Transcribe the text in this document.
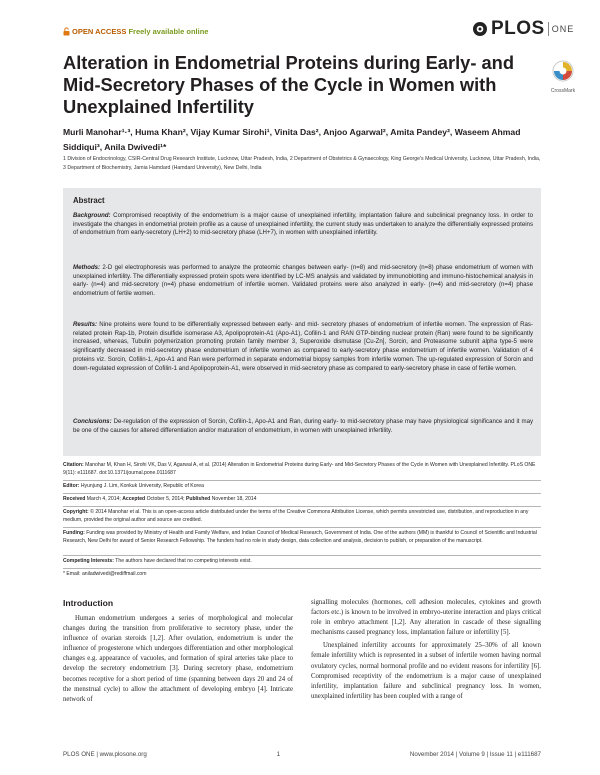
OPEN ACCESS Freely available online	PLOS ONE
Alteration in Endometrial Proteins during Early- and Mid-Secretory Phases of the Cycle in Women with Unexplained Infertility
CrossMark
Murli Manohar¹·³, Huma Khan², Vijay Kumar Sirohi¹, Vinita Das², Anjoo Agarwal², Amita Pandey², Waseem Ahmad Siddiqui³, Anila Dwivedi¹*
1 Division of Endocrinology, CSIR-Central Drug Research Institute, Lucknow, Uttar Pradesh, India, 2 Department of Obstetrics & Gynaecology, King George's Medical University, Lucknow, Uttar Pradesh, India, 3 Department of Biochemistry, Jamia Hamdard (Hamdard University), New Delhi, India
Abstract
Background: Compromised receptivity of the endometrium is a major cause of unexplained infertility, implantation failure and subclinical pregnancy loss. In order to investigate the changes in endometrial protein profile as a cause of unexplained infertility, the current study was undertaken to analyze the differentially expressed proteins of endometrium from early-secretory (LH+2) to mid-secretory phase (LH+7), in women with unexplained infertility.
Methods: 2-D gel electrophoresis was performed to analyze the proteomic changes between early- (n=8) and mid-secretory (n=8) phase endometrium of women with unexplained infertility. The differentially expressed protein spots were identified by LC-MS analysis and validated by immunoblotting and immuno-histochemical analysis in early- (n=4) and mid-secretory (n=4) phase endometrium of infertile women. Validated proteins were also analyzed in early- (n=4) and mid-secretory (n=4) phase endometrium of fertile women.
Results: Nine proteins were found to be differentially expressed between early- and mid- secretory phases of endometrium of infertile women. The expression of Ras-related protein Rap-1b, Protein disulfide isomerase A3, Apolipoprotein-A1 (Apo-A1), Cofilin-1 and RAN GTP-binding nuclear protein (Ran) were found to be significantly increased, whereas, Tubulin polymerization promoting protein family member 3, Superoxide dismutase [Cu-Zn], Sorcin, and Proteasome subunit alpha type-5 were significantly decreased in mid-secretory phase endometrium of infertile women as compared to early-secretory phase endometrium of infertile women. Validation of 4 proteins viz. Sorcin, Cofilin-1, Apo-A1 and Ran were performed in separate endometrial biopsy samples from infertile women. The up-regulated expression of Sorcin and down-regulated expression of Cofilin-1 and Apolipoprotein-A1, were observed in mid-secretory phase as compared to early-secretory phase in case of fertile women.
Conclusions: De-regulation of the expression of Sorcin, Cofilin-1, Apo-A1 and Ran, during early- to mid-secretory phase may have physiological significance and it may be one of the causes for altered differentiation and/or maturation of endometrium, in women with unexplained infertility.
Citation: Manohar M, Khan H, Sirohi VK, Das V, Agarwal A, et al. (2014) Alteration in Endometrial Proteins during Early- and Mid-Secretory Phases of the Cycle in Women with Unexplained Infertility. PLoS ONE 9(11): e111687. doi:10.1371/journal.pone.0111687
Editor: Hyunjung J. Lim, Konkuk University, Republic of Korea
Received March 4, 2014; Accepted October 5, 2014; Published November 18, 2014
Copyright: © 2014 Manohar et al. This is an open-access article distributed under the terms of the Creative Commons Attribution License, which permits unrestricted use, distribution, and reproduction in any medium, provided the original author and source are credited.
Funding: Funding was provided by Ministry of Health and Family Welfare, and Indian Council of Medical Research, Government of India. One of the authors (MM) is thankful to Council of Scientific and Industrial Research, New Delhi for award of Senior Research Fellowship. The funders had no role in study design, data collection and analysis, decision to publish, or preparation of the manuscript.
Competing Interests: The authors have declared that no competing interests exist.
* Email: aniladwivedi@rediffmail.com
Introduction

Human endometrium undergoes a series of morphological and molecular changes during the transition from proliferative to secretory phase, under the influence of ovarian steroids [1,2]. After ovulation, endometrium is under the influence of progesterone which undergoes differentiation and other morphological changes e.g. appearance of vacuoles, and formation of spiral arteries take place to develop the secretory endometrium [3]. During secretory phase, endometrium becomes receptive for a short period of time (spanning between days 20 and 24 of the menstrual cycle) to allow the attachment of developing embryo [4]. Intricate network of

signalling molecules (hormones, cell adhesion molecules, cytokines and growth factors etc.) is known to be involved in embryo-uterine interaction and plays critical role in embryo attachment [1,2]. Any alteration in cascade of these signalling mechanisms caused pregnancy loss, implantation failure or infertility [5].

Unexplained infertility accounts for approximately 25–30% of all known female infertility which is represented in a subset of infertile women having normal ovulatory cycles, normal hormonal profile and no evident reasons for infertility [6]. Compromised receptivity of the endometrium is a major cause of unexplained infertility, implantation failure and subclinical pregnancy loss. In women, unexplained infertility has been coupled with a range of

PLOS ONE | www.plosone.org	1	November 2014 | Volume 9 | Issue 11 | e111687
